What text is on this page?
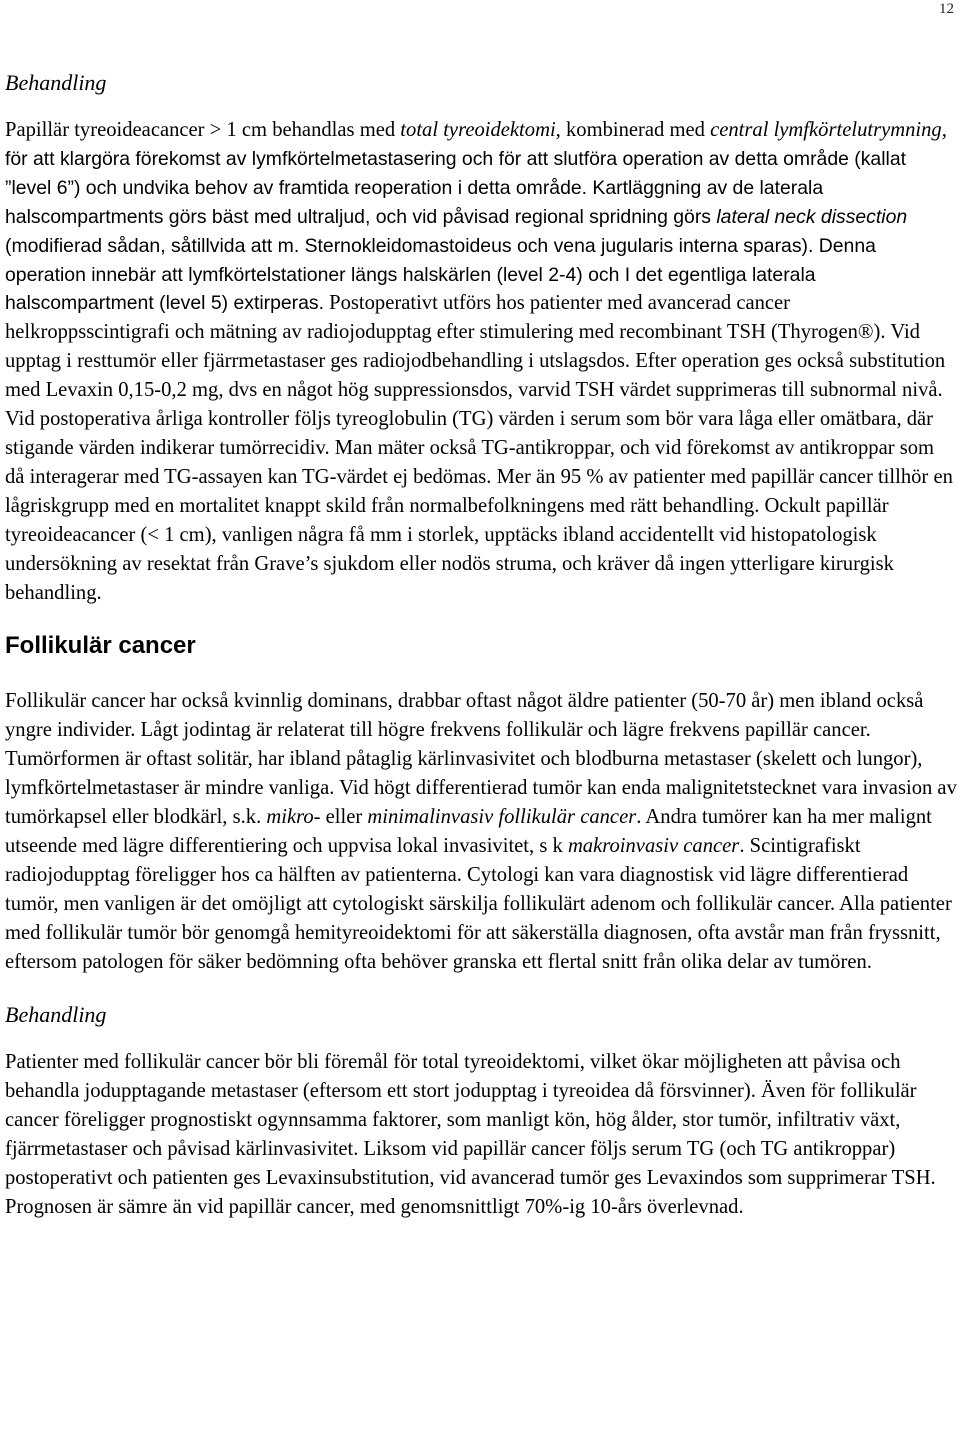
12

Behandling

Papillär tyreoideacancer > 1 cm behandlas med total tyreoidektomi, kombinerad med central lymfkörtelutrymning, för att klargöra förekomst av lymfkörtelmetastasering och för att slutföra operation av detta område (kallat ”level 6”) och undvika behov av framtida reoperation i detta område. Kartläggning av de laterala halscompartments görs bäst med ultraljud, och vid påvisad regional spridning görs lateral neck dissection (modifierad sådan, såtillvida att m. Sternokleidomastoideus och vena jugularis interna sparas). Denna operation innebär att lymfkörtelstationer längs halskärlen (level 2-4) och I det egentliga laterala halscompartment (level 5) extirperas. Postoperativt utförs hos patienter med avancerad cancer helkroppsscintigrafi och mätning av radiojodupptag efter stimulering med recombinant TSH (Thyrogen®). Vid upptag i resttumör eller fjärrmetastaser ges radiojodbehandling i utslagsdos. Efter operation ges också substitution med Levaxin 0,15-0,2 mg, dvs en något hög suppressionsdos, varvid TSH värdet supprimeras till subnormal nivå. Vid postoperativa årliga kontroller följs tyreoglobulin (TG) värden i serum som bör vara låga eller omätbara, där stigande värden indikerar tumörrecidiv. Man mäter också TG-antikroppar, och vid förekomst av antikroppar som då interagerar med TG-assayen kan TG-värdet ej bedömas. Mer än 95 % av patienter med papillär cancer tillhör en lågriskgrupp med en mortalitet knappt skild från normalbefolkningens med rätt behandling. Ockult papillär tyreoideacancer (< 1 cm), vanligen några få mm i storlek, upptäcks ibland accidentellt vid histopatologisk undersökning av resektat från Grave’s sjukdom eller nodös struma, och kräver då ingen ytterligare kirurgisk behandling.

Follikulär cancer

Follikulär cancer har också kvinnlig dominans, drabbar oftast något äldre patienter (50-70 år) men ibland också yngre individer. Lågt jodintag är relaterat till högre frekvens follikulär och lägre frekvens papillär cancer. Tumörformen är oftast solitär, har ibland påtaglig kärlinvasivitet och blodburna metastaser (skelett och lungor), lymfkörtelmetastaser är mindre vanliga. Vid högt differentierad tumör kan enda malignitetstecknet vara invasion av tumörkapsel eller blodkärl, s.k. mikro- eller minimalinvasiv follikulär cancer. Andra tumörer kan ha mer malignt utseende med lägre differentiering och uppvisa lokal invasivitet, s k makroinvasiv cancer. Scintigrafiskt radiojodupptag föreligger hos ca hälften av patienterna. Cytologi kan vara diagnostisk vid lägre differentierad tumör, men vanligen är det omöjligt att cytologiskt särskilja follikulärt adenom och follikulär cancer. Alla patienter med follikulär tumör bör genomgå hemityreoidektomi för att säkerställa diagnosen, ofta avstår man från fryssnitt, eftersom patologen för säker bedömning ofta behöver granska ett flertal snitt från olika delar av tumören.

Behandling

Patienter med follikulär cancer bör bli föremål för total tyreoidektomi, vilket ökar möjligheten att påvisa och behandla jodupptagande metastaser (eftersom ett stort jodupptag i tyreoidea då försvinner). Även för follikulär cancer föreligger prognostiskt ogynnsamma faktorer, som manligt kön, hög ålder, stor tumör, infiltrativ växt, fjärrmetastaser och påvisad kärlinvasivitet. Liksom vid papillär cancer följs serum TG (och TG antikroppar) postoperativt och patienten ges Levaxinsubstitution, vid avancerad tumör ges Levaxindos som supprimerar TSH. Prognosen är sämre än vid papillär cancer, med genomsnittligt 70%-ig 10-års överlevnad.
